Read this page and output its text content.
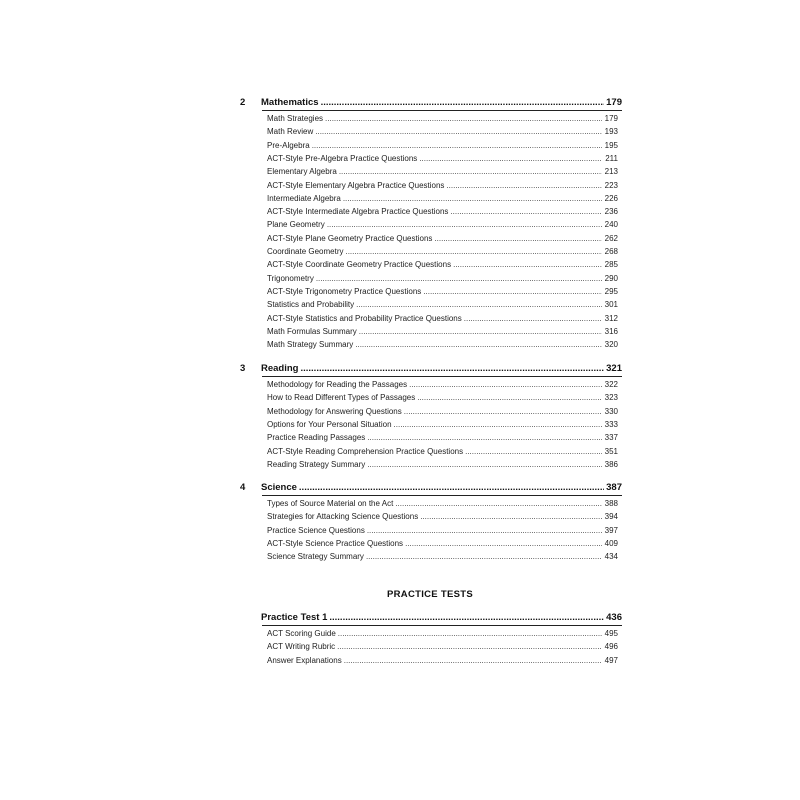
2	Mathematics .....	179
Math Strategies .....	179
Math Review .....	193
Pre-Algebra .....	195
ACT-Style Pre-Algebra Practice Questions .....	211
Elementary Algebra .....	213
ACT-Style Elementary Algebra Practice Questions .....	223
Intermediate Algebra .....	226
ACT-Style Intermediate Algebra Practice Questions .....	236
Plane Geometry .....	240
ACT-Style Plane Geometry Practice Questions .....	262
Coordinate Geometry .....	268
ACT-Style Coordinate Geometry Practice Questions .....	285
Trigonometry .....	290
ACT-Style Trigonometry Practice Questions .....	295
Statistics and Probability .....	301
ACT-Style Statistics and Probability Practice Questions .....	312
Math Formulas Summary .....	316
Math Strategy Summary .....	320
3	Reading .....	321
Methodology for Reading the Passages .....	322
How to Read Different Types of Passages .....	323
Methodology for Answering Questions .....	330
Options for Your Personal Situation .....	333
Practice Reading Passages .....	337
ACT-Style Reading Comprehension Practice Questions .....	351
Reading Strategy Summary .....	386
4	Science .....	387
Types of Source Material on the Act .....	388
Strategies for Attacking Science Questions .....	394
Practice Science Questions .....	397
ACT-Style Science Practice Questions .....	409
Science Strategy Summary .....	434
PRACTICE TESTS
Practice Test 1 .....	436
ACT Scoring Guide .....	495
ACT Writing Rubric .....	496
Answer Explanations .....	497
